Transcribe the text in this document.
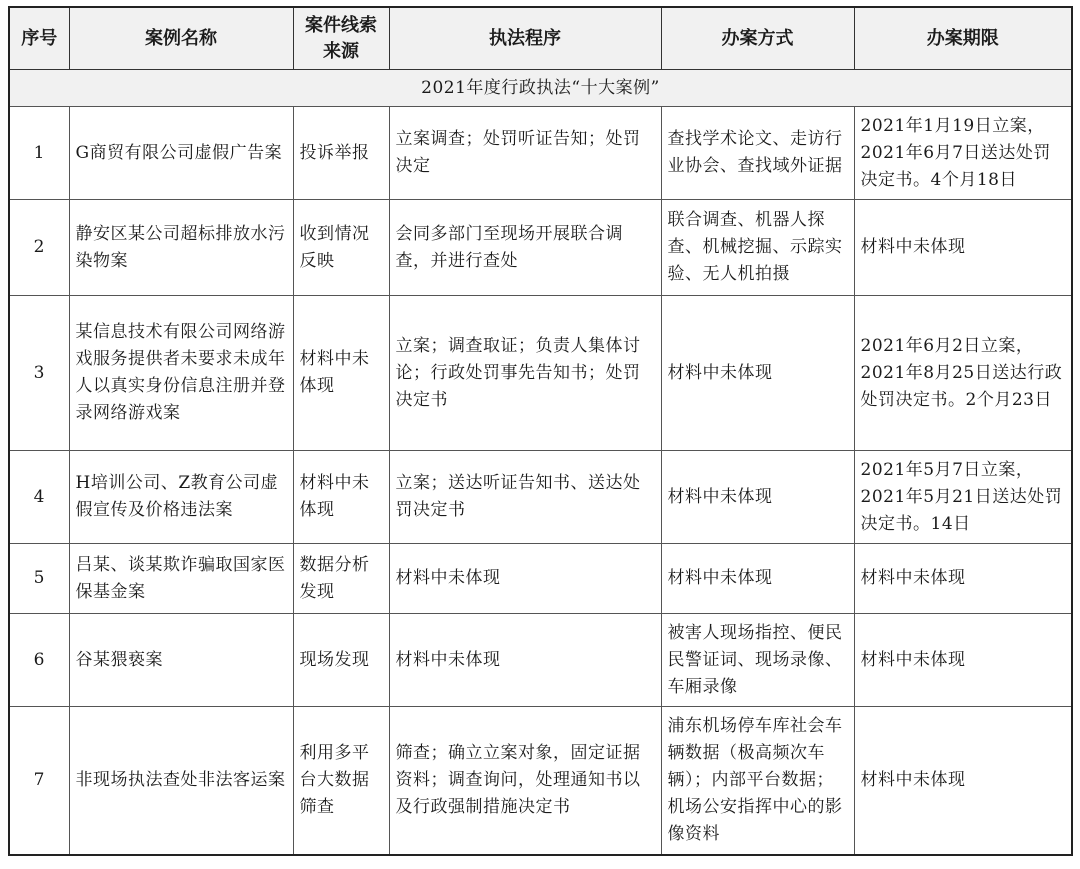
序号	案例名称	案件线索来源	执法程序	办案方式	办案期限
2021年度行政执法“十大案例”					
1	G商贸有限公司虚假广告案	投诉举报	立案调查；处罚听证告知；处罚决定	查找学术论文、走访行业协会、查找域外证据	2021年1月19日立案，2021年6月7日送达处罚决定书。4个月18日
2	静安区某公司超标排放水污染物案	收到情况反映	会同多部门至现场开展联合调查，并进行查处	联合调查、机器人探查、机械挖掘、示踪实验、无人机拍摄	材料中未体现
3	某信息技术有限公司网络游戏服务提供者未要求未成年人以真实身份信息注册并登录网络游戏案	材料中未体现	立案；调查取证；负责人集体讨论；行政处罚事先告知书；处罚决定书	材料中未体现	2021年6月2日立案，2021年8月25日送达行政处罚决定书。2个月23日
4	H培训公司、Z教育公司虚假宣传及价格违法案	材料中未体现	立案；送达听证告知书、送达处罚决定书	材料中未体现	2021年5月7日立案，2021年5月21日送达处罚决定书。14日
5	吕某、谈某欺诈骗取国家医保基金案	数据分析发现	材料中未体现	材料中未体现	材料中未体现
6	谷某猥亵案	现场发现	材料中未体现	被害人现场指控、便民民警证词、现场录像、车厢录像	材料中未体现
7	非现场执法查处非法客运案	利用多平台大数据筛查	筛查；确立立案对象，固定证据资料；调查询问，处理通知书以及行政强制措施决定书	浦东机场停车库社会车辆数据（极高频次车辆）；内部平台数据；机场公安指挥中心的影像资料	材料中未体现
